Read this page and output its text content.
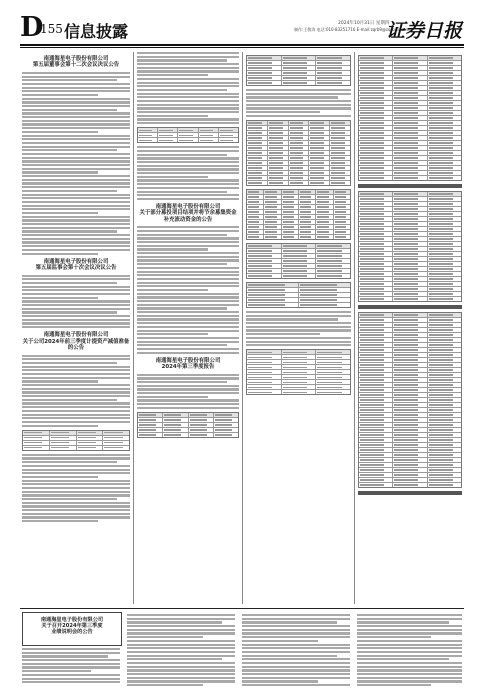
D
155 信息披露	2024年10月31日 星期四
制作:王敬涛 电话:010-83251716 E-mail:zqrb9@zqrb.sina.net
证券日报
南通海星电子股份有限公司
第五届董事会第十二次会议决议公告
南通海星电子股份有限公司
第五届监事会第十次会议决议公告
南通海星电子股份有限公司
关于公司2024年前三季度计提资产减值准备的公告
南通海星电子股份有限公司
关于部分募投项目结项并将节余募集资金
补充流动资金的公告
南通海星电子股份有限公司
2024年第三季度报告
南通海星电子股份有限公司
关于召开2024年第三季度
业绩说明会的公告
